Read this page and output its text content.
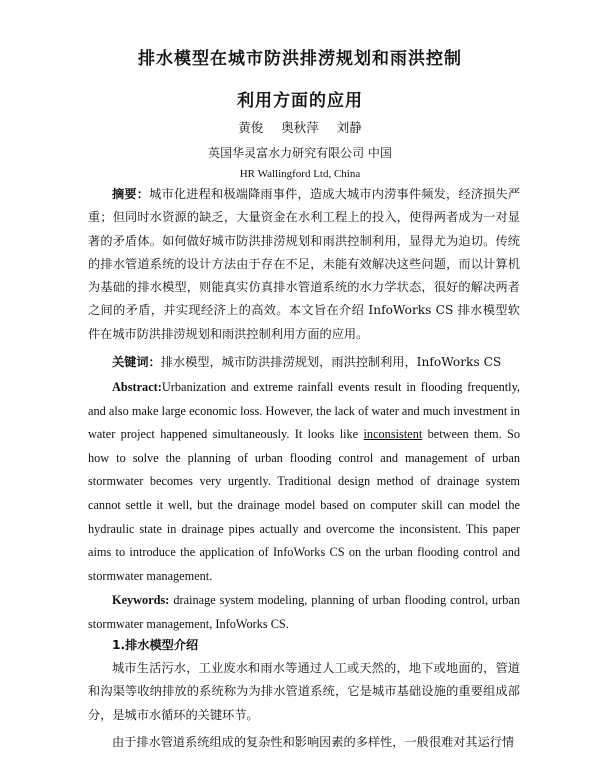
排水模型在城市防洪排涝规划和雨洪控制
利用方面的应用
黄俊 奥秋萍 刘静
英国华灵富水力研究有限公司 中国
HR Wallingford Ltd, China

摘要：城市化进程和极端降雨事件，造成大城市内涝事件频发，经济损失严重；但同时水资源的缺乏，大量资金在水利工程上的投入，使得两者成为一对显著的矛盾体。如何做好城市防洪排涝规划和雨洪控制利用，显得尤为迫切。传统的排水管道系统的设计方法由于存在不足，未能有效解决这些问题，而以计算机为基础的排水模型，则能真实仿真排水管道系统的水力学状态，很好的解决两者之间的矛盾，并实现经济上的高效。本文旨在介绍 InfoWorks CS 排水模型软件在城市防洪排涝规划和雨洪控制利用方面的应用。

关键词：排水模型，城市防洪排涝规划，雨洪控制利用，InfoWorks CS

Abstract:Urbanization and extreme rainfall events result in flooding frequently, and also make large economic loss. However, the lack of water and much investment in water project happened simultaneously. It looks like inconsistent between them. So how to solve the planning of urban flooding control and management of urban stormwater becomes very urgently. Traditional design method of drainage system cannot settle it well, but the drainage model based on computer skill can model the hydraulic state in drainage pipes actually and overcome the inconsistent. This paper aims to introduce the application of InfoWorks CS on the urban flooding control and stormwater management.

Keywords: drainage system modeling, planning of urban flooding control, urban stormwater management, InfoWorks CS.

1.排水模型介绍

城市生活污水，工业废水和雨水等通过人工或天然的，地下或地面的，管道和沟渠等收纳排放的系统称为为排水管道系统，它是城市基础设施的重要组成部分，是城市水循环的关键环节。

由于排水管道系统组成的复杂性和影响因素的多样性，一般很难对其运行情
